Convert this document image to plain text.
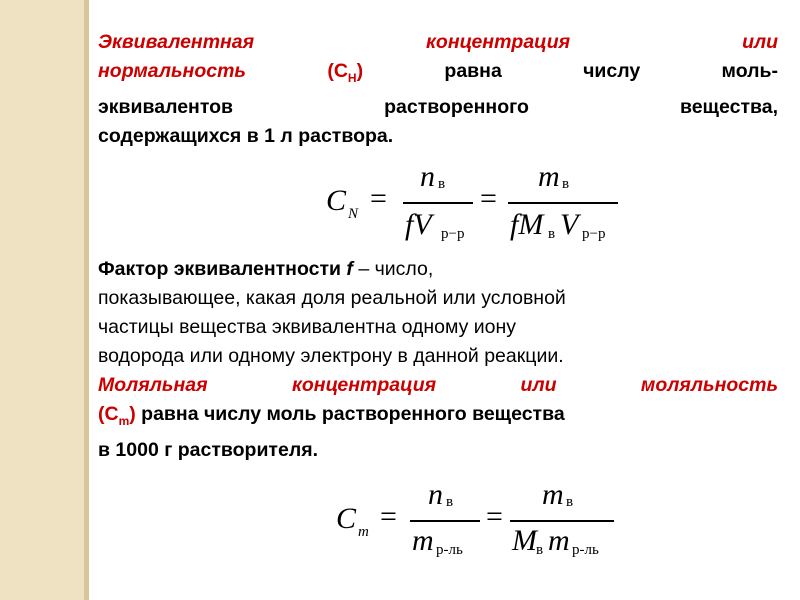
Эквивалентная	концентрация	или

нормальность	$(С_Н)$	равна числу моль-

эквивалентов растворенного вещества,

содержащихся в 1 л раствора.

Фактор эквивалентности f – число,

показывающее, какая доля реальной или условной

частицы вещества эквивалентна одному иону

водорода или одному электрону в данной реакции.

Моляльная	концентрация	или	моляльность

$(С_m)$ равна числу моль растворенного вещества

в 1000 г растворителя.

C N =
n в
fV р−р
=
m в
fM в V р−р
C m =
n в
m р-ль
=
m в
M в m р-ль
